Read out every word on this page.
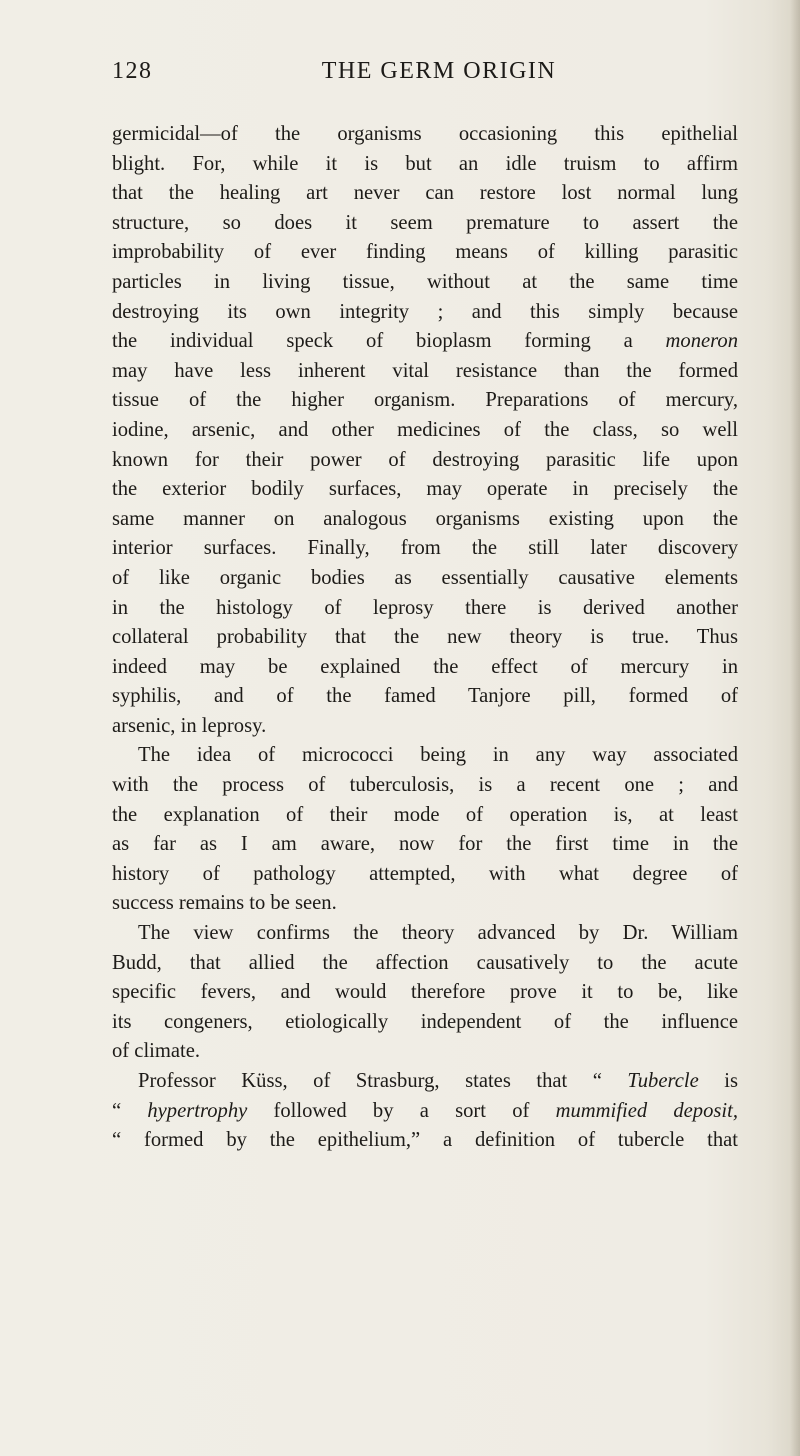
128	THE GERM ORIGIN
germicidal—of the organisms occasioning this epithelial
blight. For, while it is but an idle truism to affirm
that the healing art never can restore lost normal lung
structure, so does it seem premature to assert the
improbability of ever finding means of killing parasitic
particles in living tissue, without at the same time
destroying its own integrity ; and this simply because
the individual speck of bioplasm forming a moneron
may have less inherent vital resistance than the formed
tissue of the higher organism. Preparations of mercury,
iodine, arsenic, and other medicines of the class, so well
known for their power of destroying parasitic life upon
the exterior bodily surfaces, may operate in precisely the
same manner on analogous organisms existing upon the
interior surfaces. Finally, from the still later discovery
of like organic bodies as essentially causative elements
in the histology of leprosy there is derived another
collateral probability that the new theory is true. Thus
indeed may be explained the effect of mercury in
syphilis, and of the famed Tanjore pill, formed of
arsenic, in leprosy.
The idea of micrococci being in any way associated
with the process of tuberculosis, is a recent one ; and
the explanation of their mode of operation is, at least
as far as I am aware, now for the first time in the
history of pathology attempted, with what degree of
success remains to be seen.
The view confirms the theory advanced by Dr. William
Budd, that allied the affection causatively to the acute
specific fevers, and would therefore prove it to be, like
its congeners, etiologically independent of the influence
of climate.
Professor Küss, of Strasburg, states that “ Tubercle is
“ hypertrophy followed by a sort of mummified deposit,
“ formed by the epithelium,” a definition of tubercle that
